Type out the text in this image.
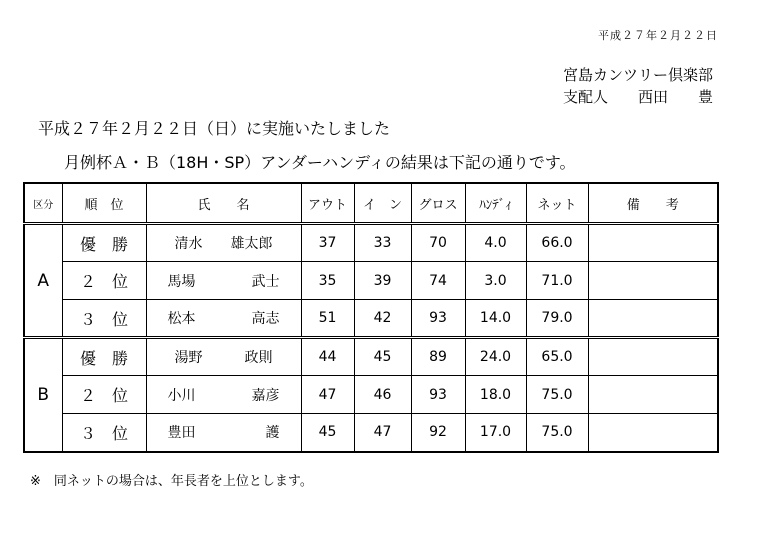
平成２７年２月２２日
宮島カンツリー倶楽部
支配人　　西田　　豊
平成２７年２月２２日（日）に実施いたしました
月例杯Ａ・Ｂ（18H・SP）アンダーハンディの結果は下記の通りです。
区分	順　位	氏　　名	アウト	イ　ン	グロス	ﾊﾝﾃﾞｨ	ネット	備　　考
A	優　勝	清水　　雄太郎	37	33	70	4.0	66.0	
	２　位	馬場　　　　武士	35	39	74	3.0	71.0	
	３　位	松本　　　　高志	51	42	93	14.0	79.0	
B	優　勝	湯野　　　政則	44	45	89	24.0	65.0	
	２　位	小川　　　　嘉彦	47	46	93	18.0	75.0	
	３　位	豊田　　　　　護	45	47	92	17.0	75.0	
※　同ネットの場合は、年長者を上位とします。
